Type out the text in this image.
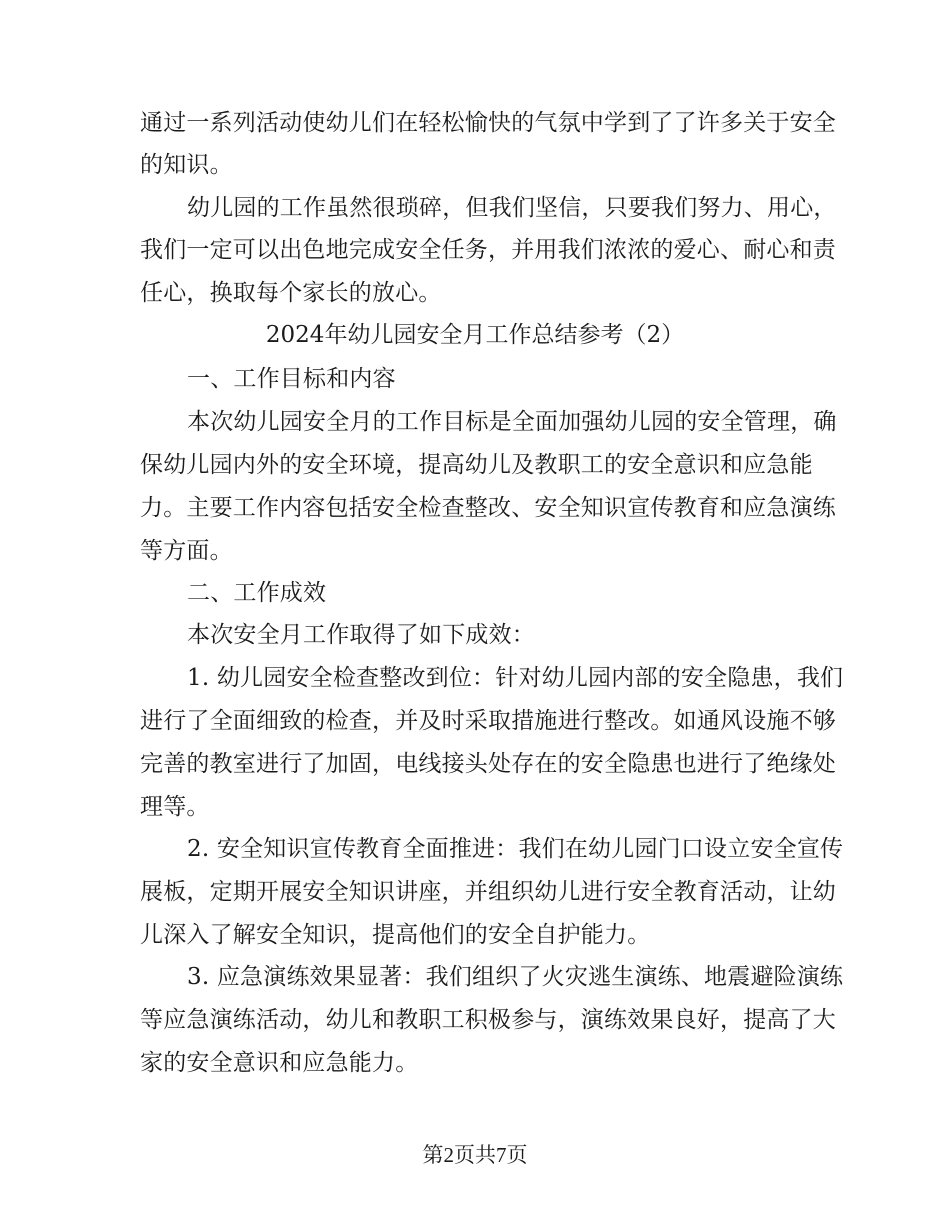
通过一系列活动使幼儿们在轻松愉快的气氛中学到了了许多关于安全
的知识。
幼儿园的工作虽然很琐碎，但我们坚信，只要我们努力、用心，
我们一定可以出色地完成安全任务，并用我们浓浓的爱心、耐心和责
任心，换取每个家长的放心。
2024年幼儿园安全月工作总结参考（2）
一、工作目标和内容
本次幼儿园安全月的工作目标是全面加强幼儿园的安全管理，确
保幼儿园内外的安全环境，提高幼儿及教职工的安全意识和应急能
力。主要工作内容包括安全检查整改、安全知识宣传教育和应急演练
等方面。
二、工作成效
本次安全月工作取得了如下成效：
1. 幼儿园安全检查整改到位：针对幼儿园内部的安全隐患，我们
进行了全面细致的检查，并及时采取措施进行整改。如通风设施不够
完善的教室进行了加固，电线接头处存在的安全隐患也进行了绝缘处
理等。
2. 安全知识宣传教育全面推进：我们在幼儿园门口设立安全宣传
展板，定期开展安全知识讲座，并组织幼儿进行安全教育活动，让幼
儿深入了解安全知识，提高他们的安全自护能力。
3. 应急演练效果显著：我们组织了火灾逃生演练、地震避险演练
等应急演练活动，幼儿和教职工积极参与，演练效果良好，提高了大
家的安全意识和应急能力。
第2页共7页
